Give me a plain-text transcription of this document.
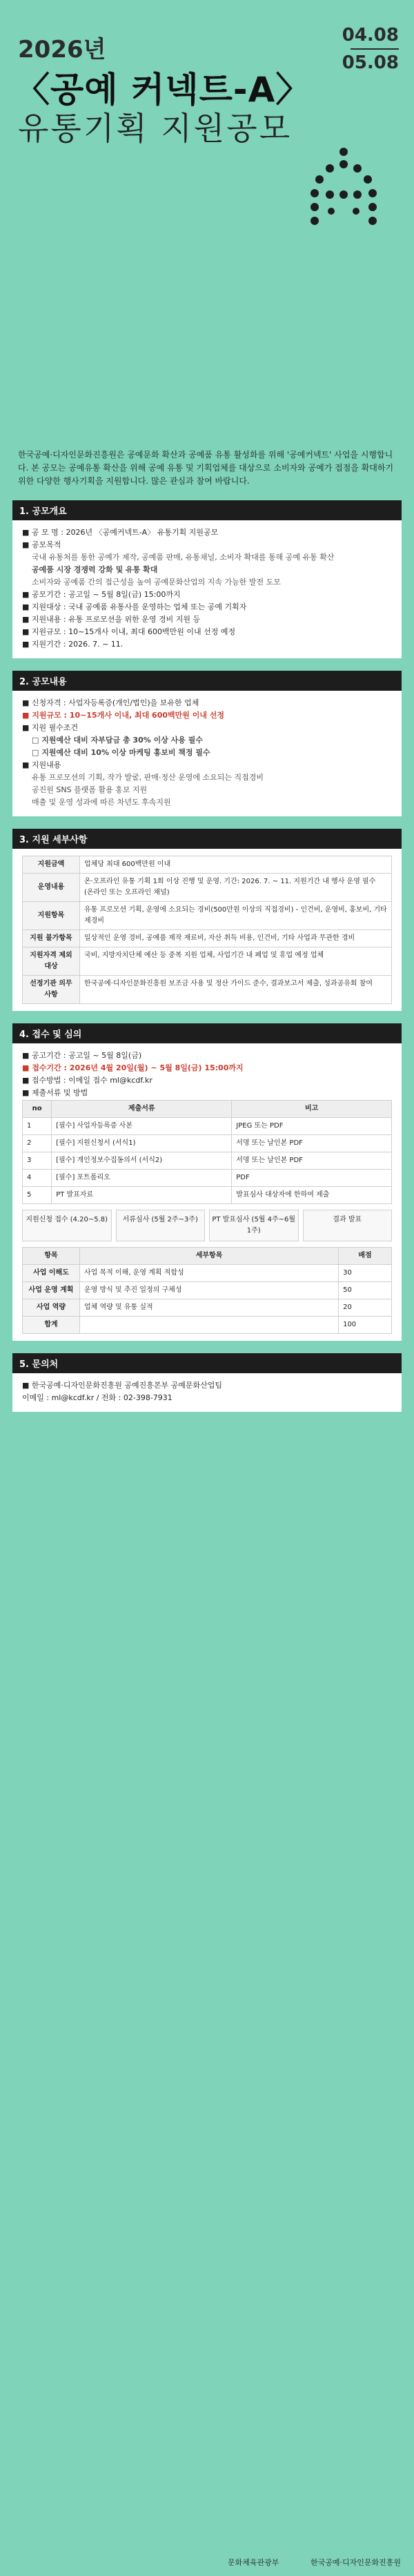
2026년
04.08
05.08
〈공예 커넥트-A〉
유통기획 지원공모
한국공예·디자인문화진흥원은 공예문화 확산과 공예품 유통 활성화를 위해 '공예커넥트' 사업을 시행합니다. 본 공모는 공예유통 확산을 위해 공예 유통 및 기획업체를 대상으로 소비자와 공예가 접점을 확대하기 위한 다양한 행사기획을 지원합니다. 많은 관심과 참여 바랍니다.
1. 공모개요
■ 공 모 명 : 2026년 〈공예커넥트-A〉 유통기획 지원공모
■ 공모목적
국내 유통처를 통한 공예가 제작, 공예품 판매, 유통채널, 소비자 확대를 통해 공예 유통 확산
공예품 시장 경쟁력 강화 및 유통 확대
소비자와 공예품 간의 접근성을 높여 공예문화산업의 지속 가능한 발전 도모
■ 공모기간 : 공고일 ~ 5월 8일(금) 15:00까지
■ 지원대상 : 국내 공예품 유통사를 운영하는 업체 또는 공예 기획자
■ 지원내용 : 유통 프로모션을 위한 운영 경비 지원 등
■ 지원규모 : 10~15개사 이내, 최대 600백만원 이내 선정 예정
■ 지원기간 : 2026. 7. ~ 11.
2. 공모내용
■ 신청자격 : 사업자등록증(개인/법인)을 보유한 업체
■ 지원규모 : 10~15개사 이내, 최대 600백만원 이내 선정
■ 지원 필수조건
□ 지원예산 대비 자부담금 총 30% 이상 사용 필수
□ 지원예산 대비 10% 이상 마케팅 홍보비 책정 필수
■ 지원내용
유통 프로모션의 기획, 작가 발굴, 판매·정산 운영에 소요되는 직접경비
공진원 SNS 플랫폼 활용 홍보 지원
매출 및 운영 성과에 따른 차년도 후속지원
3. 지원 세부사항
지원금액	업체당 최대 600백만원 이내
운영내용	온·오프라인 유통 기획 1회 이상 진행 및 운영. 기간: 2026. 7. ~ 11. 지원기간 내 행사 운영 필수 (온라인 또는 오프라인 채널)
지원항목	유통 프로모션 기획, 운영에 소요되는 경비(500만원 이상의 직접경비) - 인건비, 운영비, 홍보비, 기타 제경비
지원 불가항목	일상적인 운영 경비, 공예품 제작 재료비, 자산 취득 비용, 인건비, 기타 사업과 무관한 경비
지원자격 제외대상	국비, 지방자치단체 예산 등 중복 지원 업체, 사업기간 내 폐업 및 휴업 예정 업체
선정기관 의무사항	한국공예·디자인문화진흥원 보조금 사용 및 정산 가이드 준수, 결과보고서 제출, 성과공유회 참여
4. 접수 및 심의
■ 공고기간 : 공고일 ~ 5월 8일(금)
■ 접수기간 : 2026년 4월 20일(월) ~ 5월 8일(금) 15:00까지
■ 접수방법 : 이메일 접수 ml@kcdf.kr
■ 제출서류 및 방법
no	제출서류	비고
1	[필수] 사업자등록증 사본	JPEG 또는 PDF
2	[필수] 지원신청서 (서식1)	서명 또는 날인본 PDF
3	[필수] 개인정보수집동의서 (서식2)	서명 또는 날인본 PDF
4	[필수] 포트폴리오	PDF
5	PT 발표자료	발표심사 대상자에 한하여 제출
지원신청 접수 (4.20~5.8)	서류심사 (5월 2주~3주)	PT 발표심사 (5월 4주~6월 1주)
결과 발표
항목	세부항목	배점
사업 이해도	사업 목적 이해, 운영 계획 적합성	30
사업 운영 계획	운영 방식 및 추진 일정의 구체성	50
사업 역량	업체 역량 및 유통 실적	20
합계		100
5. 문의처
■ 한국공예·디자인문화진흥원 공예진흥본부 공예문화산업팀
이메일 : ml@kcdf.kr / 전화 : 02-398-7931
문화체육관광부	한국공예·디자인문화진흥원
